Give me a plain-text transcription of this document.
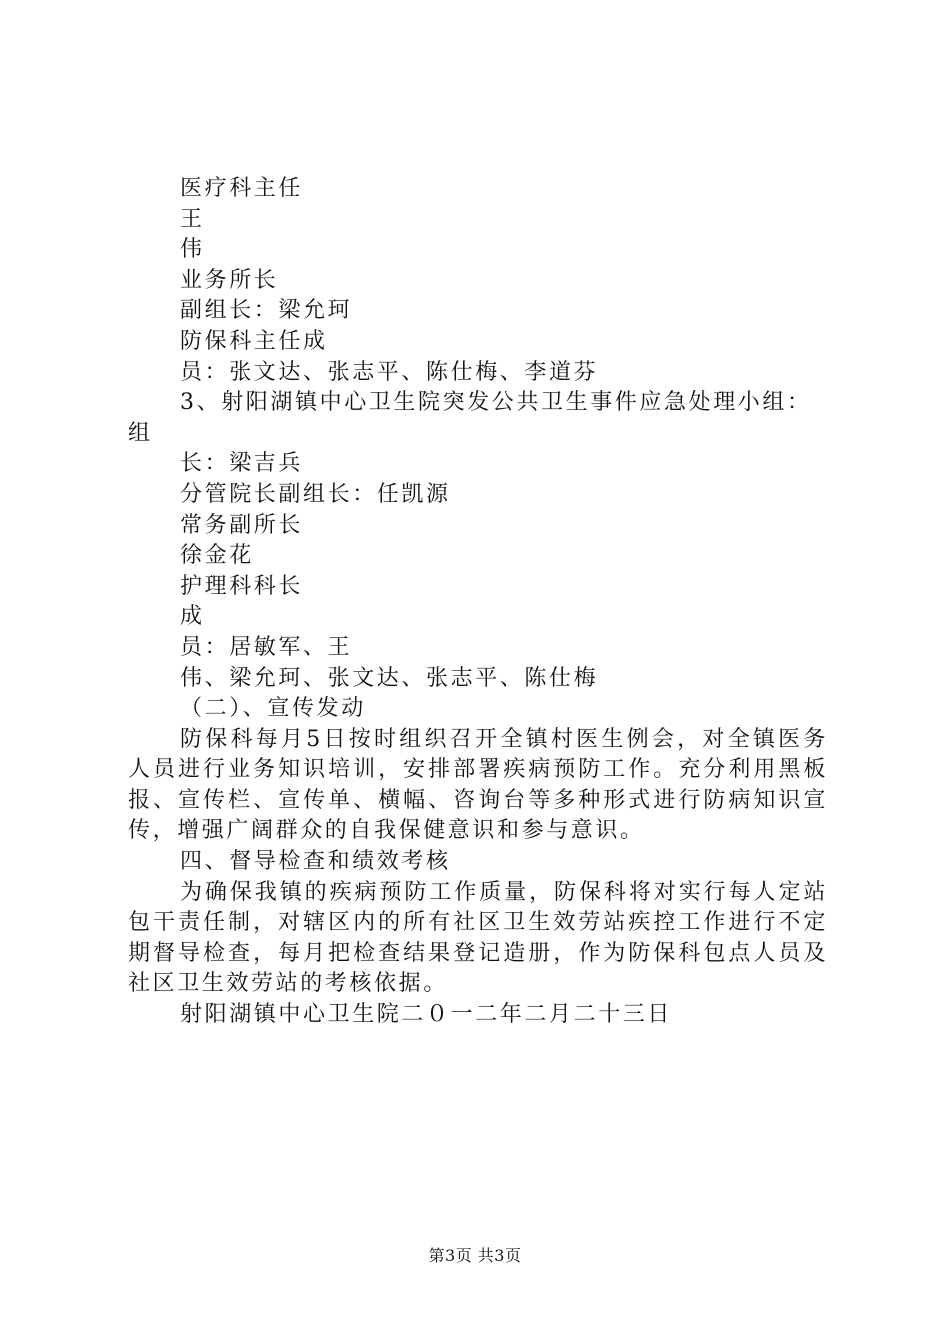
医疗科主任
王
伟
业务所长
副组长：梁允珂
防保科主任成
员：张文达、张志平、陈仕梅、李道芬
3、射阳湖镇中心卫生院突发公共卫生事件应急处理小组：
组
长：梁吉兵
分管院长副组长：任凯源
常务副所长
徐金花
护理科科长
成
员：居敏军、王
伟、梁允珂、张文达、张志平、陈仕梅
（二）、宣传发动
防保科每月5日按时组织召开全镇村医生例会，对全镇医务人员进行业务知识培训，安排部署疾病预防工作。充分利用黑板报、宣传栏、宣传单、横幅、咨询台等多种形式进行防病知识宣传，增强广阔群众的自我保健意识和参与意识。
四、督导检查和绩效考核
为确保我镇的疾病预防工作质量，防保科将对实行每人定站包干责任制，对辖区内的所有社区卫生效劳站疾控工作进行不定期督导检查，每月把检查结果登记造册，作为防保科包点人员及社区卫生效劳站的考核依据。
射阳湖镇中心卫生院二０一二年二月二十三日
第3页 共3页
